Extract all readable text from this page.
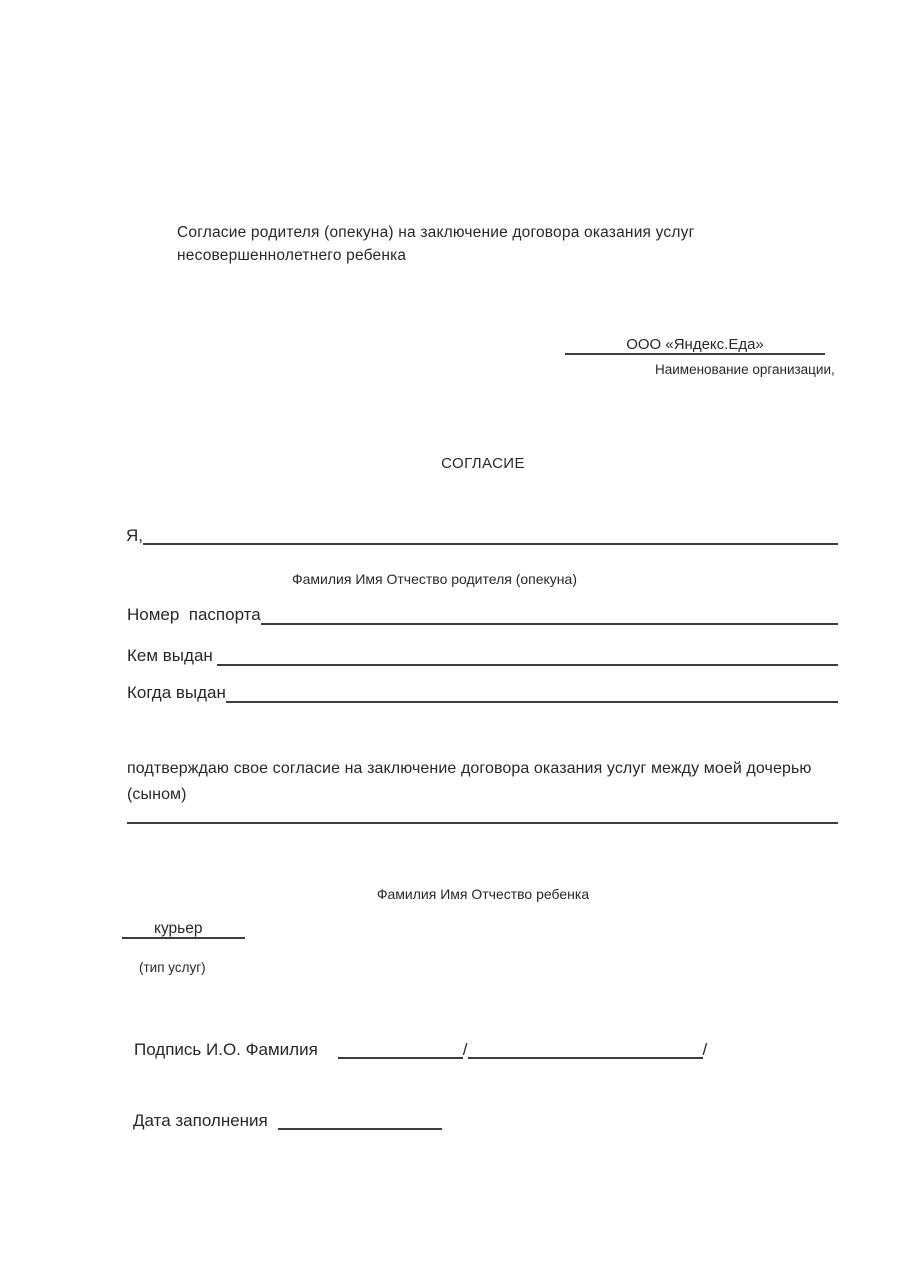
Согласие родителя (опекуна) на заключение договора оказания услуг несовершеннолетнего ребенка
ООО «Яндекс.Еда»
Наименование организации,
СОГЛАСИЕ
Я,
Фамилия Имя Отчество родителя (опекуна)
Номер  паспорта
Кем выдан
Когда выдан
подтверждаю свое согласие на заключение договора оказания услуг между моей дочерью (сыном)
Фамилия Имя Отчество ребенка
курьер
(тип услуг)
Подпись И.О. Фамилия	/	/
Дата заполнения
